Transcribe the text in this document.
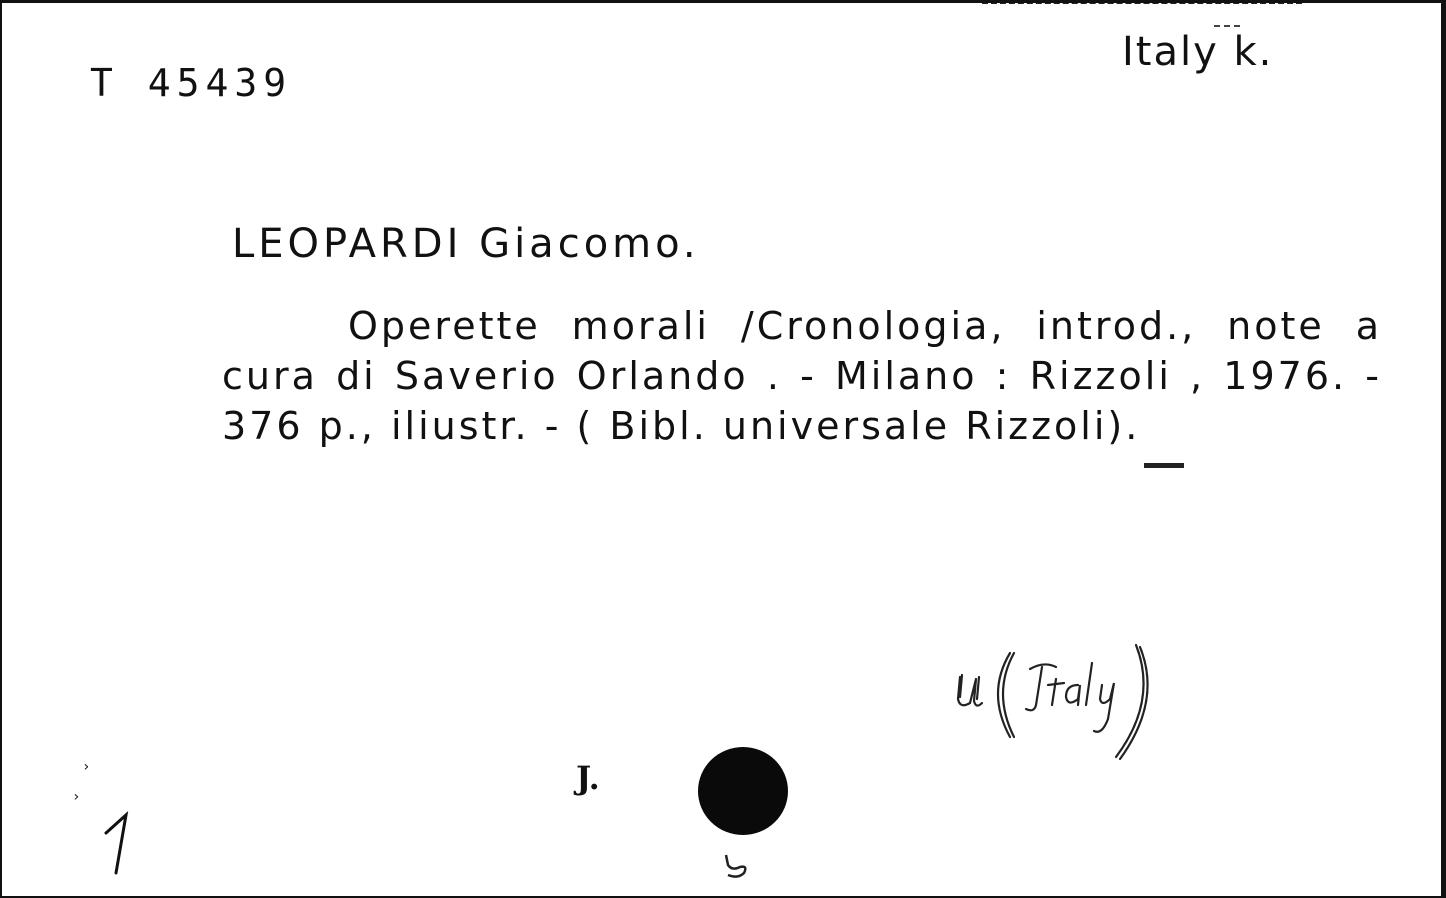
T 45439
Italy k.
LEOPARDI Giacomo.
Operette morali /Cronologia, introd., note a cura di Saverio Orlando . - Milano : Rizzoli , 1976. - 376 p., iliustr. - ( Bibl. universale Rizzoli).
›
›	J.
